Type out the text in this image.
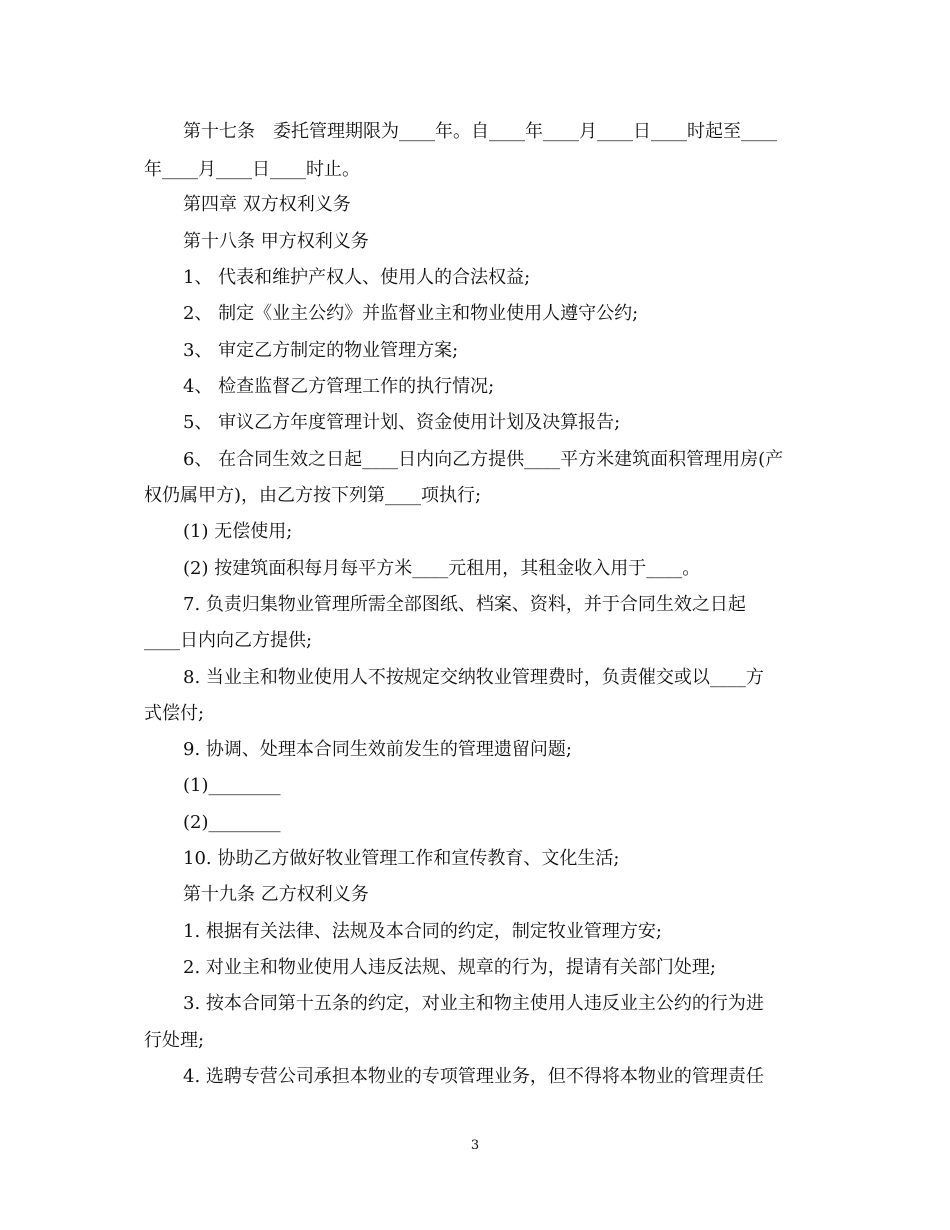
第十七条　委托管理期限为____年。自____年____月____日____时起至____
年____月____日____时止。
第四章 双方权利义务
第十八条 甲方权利义务
1、 代表和维护产权人、使用人的合法权益;
2、 制定《业主公约》并监督业主和物业使用人遵守公约;
3、 审定乙方制定的物业管理方案;
4、 检查监督乙方管理工作的执行情况;
5、 审议乙方年度管理计划、资金使用计划及决算报告;
6、 在合同生效之日起____日内向乙方提供____平方米建筑面积管理用房(产
权仍属甲方)，由乙方按下列第____项执行;
(1) 无偿使用;
(2) 按建筑面积每月每平方米____元租用，其租金收入用于____。
7. 负责归集物业管理所需全部图纸、档案、资料，并于合同生效之日起
____日内向乙方提供;
8. 当业主和物业使用人不按规定交纳牧业管理费时，负责催交或以____方
式偿付;
9. 协调、处理本合同生效前发生的管理遗留问题;
(1)________
(2)________
10. 协助乙方做好牧业管理工作和宣传教育、文化生活;
第十九条 乙方权利义务
1. 根据有关法律、法规及本合同的约定，制定牧业管理方安;
2. 对业主和物业使用人违反法规、规章的行为，提请有关部门处理;
3. 按本合同第十五条的约定，对业主和物主使用人违反业主公约的行为进
行处理;
4. 选聘专营公司承担本物业的专项管理业务，但不得将本物业的管理责任
3
